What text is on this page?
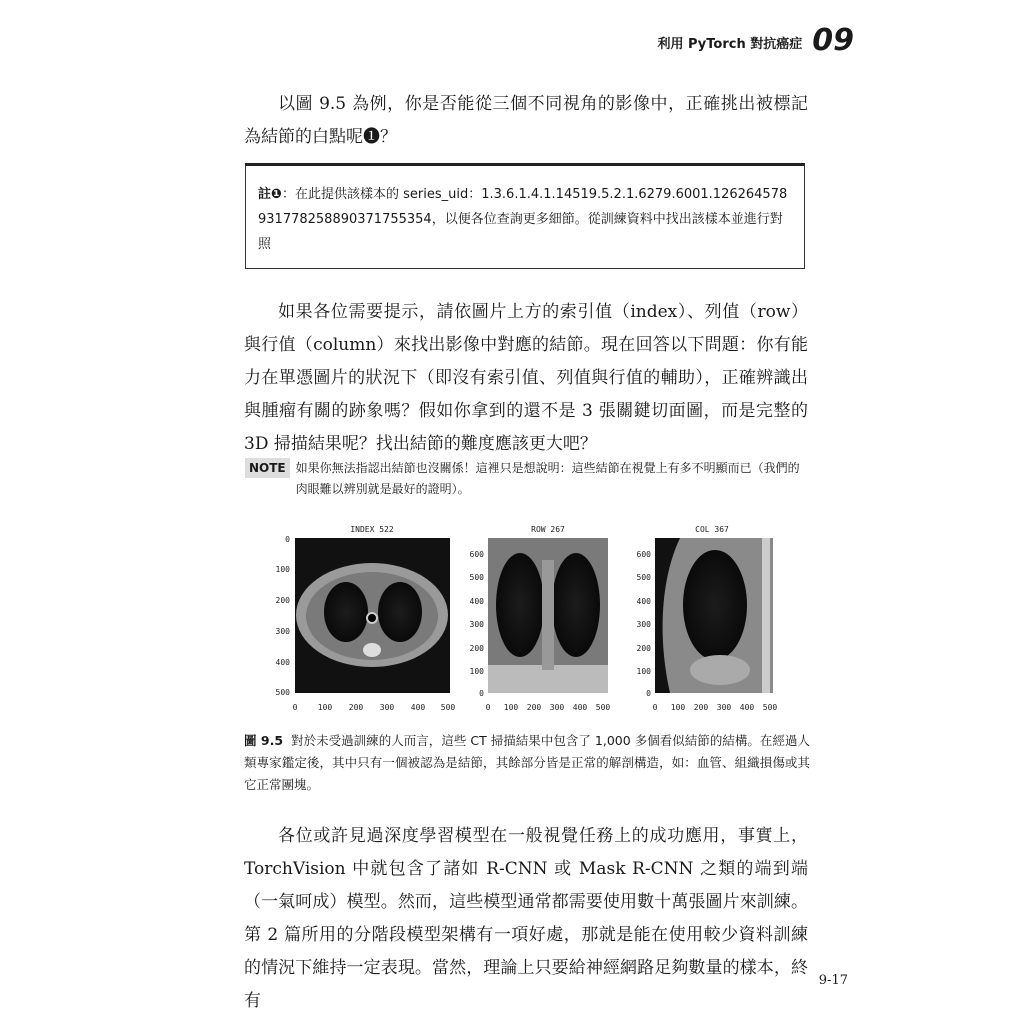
利用 PyTorch 對抗癌症 09

以圖 9.5 為例，你是否能從三個不同視角的影像中，正確挑出被標記為結節的白點呢❶？

註❶：在此提供該樣本的 series_uid：1.3.6.1.4.1.14519.5.2.1.6279.6001.126264578931778258890371755354，以便各位查詢更多細節。從訓練資料中找出該樣本並進行對照

如果各位需要提示，請依圖片上方的索引值（index）、列值（row）與行值（column）來找出影像中對應的結節。現在回答以下問題：你有能力在單憑圖片的狀況下（即沒有索引值、列值與行值的輔助），正確辨識出與腫瘤有關的跡象嗎？假如你拿到的還不是 3 張關鍵切面圖，而是完整的 3D 掃描結果呢？找出結節的難度應該更大吧？

NOTE 如果你無法指認出結節也沒關係！這裡只是想說明：這些結節在視覺上有多不明顯而已（我們的肉眼難以辨別就是最好的證明）。
INDEX 522
0
100
200
300
400
500
0	100 200 300 400 500
ROW 267
600
500
400
300
200
100
0
0 100 200 300 400 500
COL 367
600
500
400
300
200
100
0
0 100 200 300 400 500

圖 9.5 對於未受過訓練的人而言，這些 CT 掃描結果中包含了 1,000 多個看似結節的結構。在經過人類專家鑑定後，其中只有一個被認為是結節，其餘部分皆是正常的解剖構造，如：血管、組織損傷或其它正常團塊。

各位或許見過深度學習模型在一般視覺任務上的成功應用，事實上，TorchVision 中就包含了諸如 R-CNN 或 Mask R-CNN 之類的端到端（一氣呵成）模型。然而，這些模型通常都需要使用數十萬張圖片來訓練。第 2 篇所用的分階段模型架構有一項好處，那就是能在使用較少資料訓練的情況下維持一定表現。當然，理論上只要給神經網路足夠數量的樣本，終有

9-17
